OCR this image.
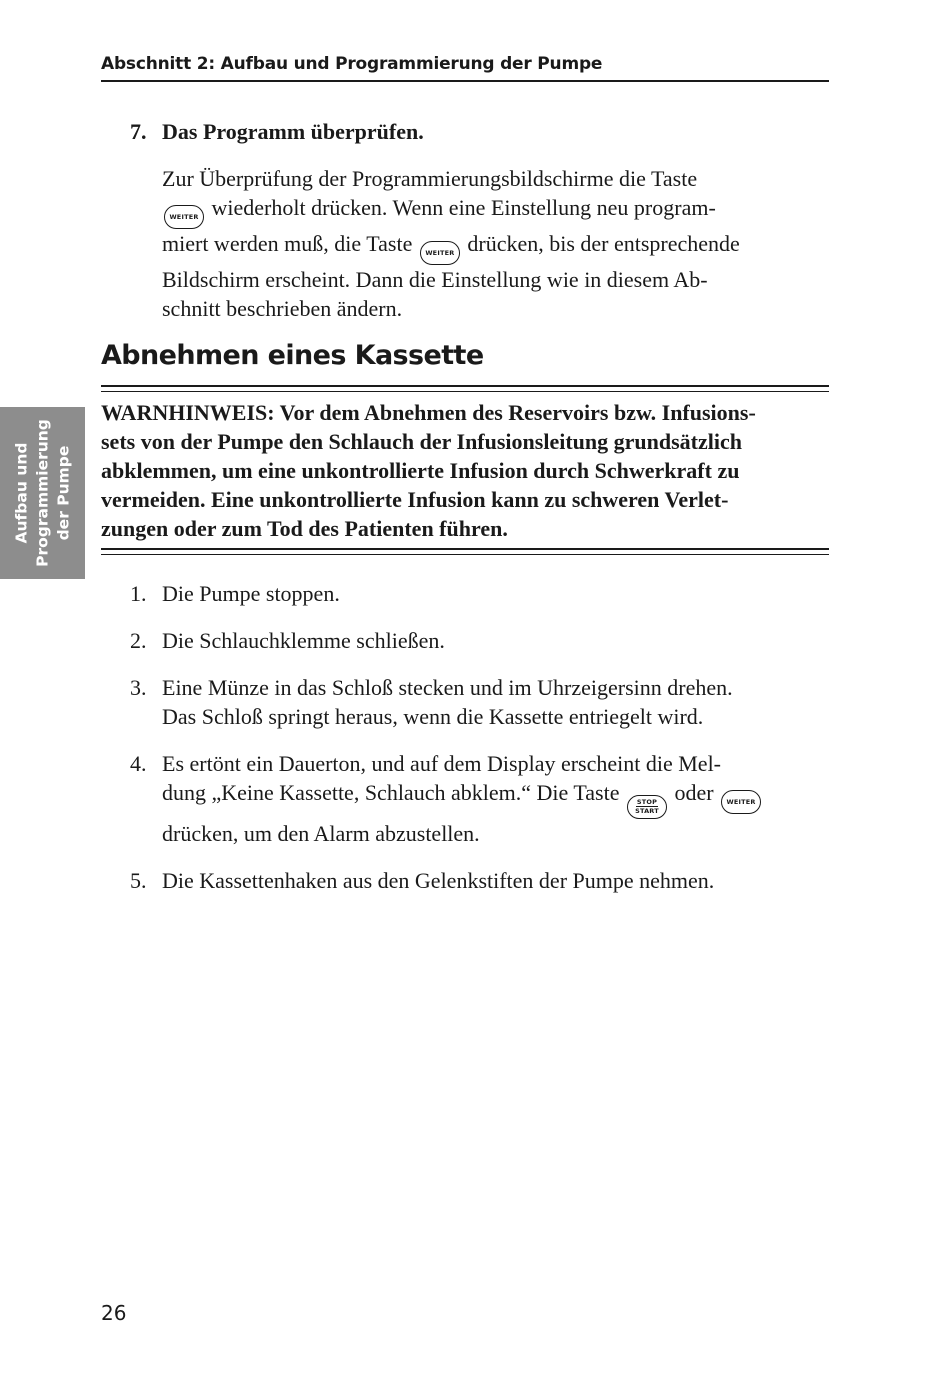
Abschnitt 2: Aufbau und Programmierung der Pumpe
7. Das Programm überprüfen.
Zur Überprüfung der Programmierungsbildschirme die Taste

WEITER wiederholt drücken. Wenn eine Einstellung neu program-
miert werden muß, die Taste WEITER drücken, bis der entsprechende
Bildschirm erscheint. Dann die Einstellung wie in diesem Ab-
schnitt beschrieben ändern.
Abnehmen eines Kassette
WARNHINWEIS: Vor dem Abnehmen des Reservoirs bzw. Infusions-
sets von der Pumpe den Schlauch der Infusionsleitung grundsätzlich
abklemmen, um eine unkontrollierte Infusion durch Schwerkraft zu
vermeiden. Eine unkontrollierte Infusion kann zu schweren Verlet-
zungen oder zum Tod des Patienten führen.
1. Die Pumpe stoppen.
2. Die Schlauchklemme schließen.
3. Eine Münze in das Schloß stecken und im Uhrzeigersinn drehen.
Das Schloß springt heraus, wenn die Kassette entriegelt wird.
4. Es ertönt ein Dauerton, und auf dem Display erscheint die Mel-
dung „Keine Kassette, Schlauch abklem.“ Die Taste	STOP
START
oder WEITER
drücken, um den Alarm abzustellen.
5. Die Kassettenhaken aus den Gelenkstiften der Pumpe nehmen.
Aufbau und Programmierung der Pumpe
26
